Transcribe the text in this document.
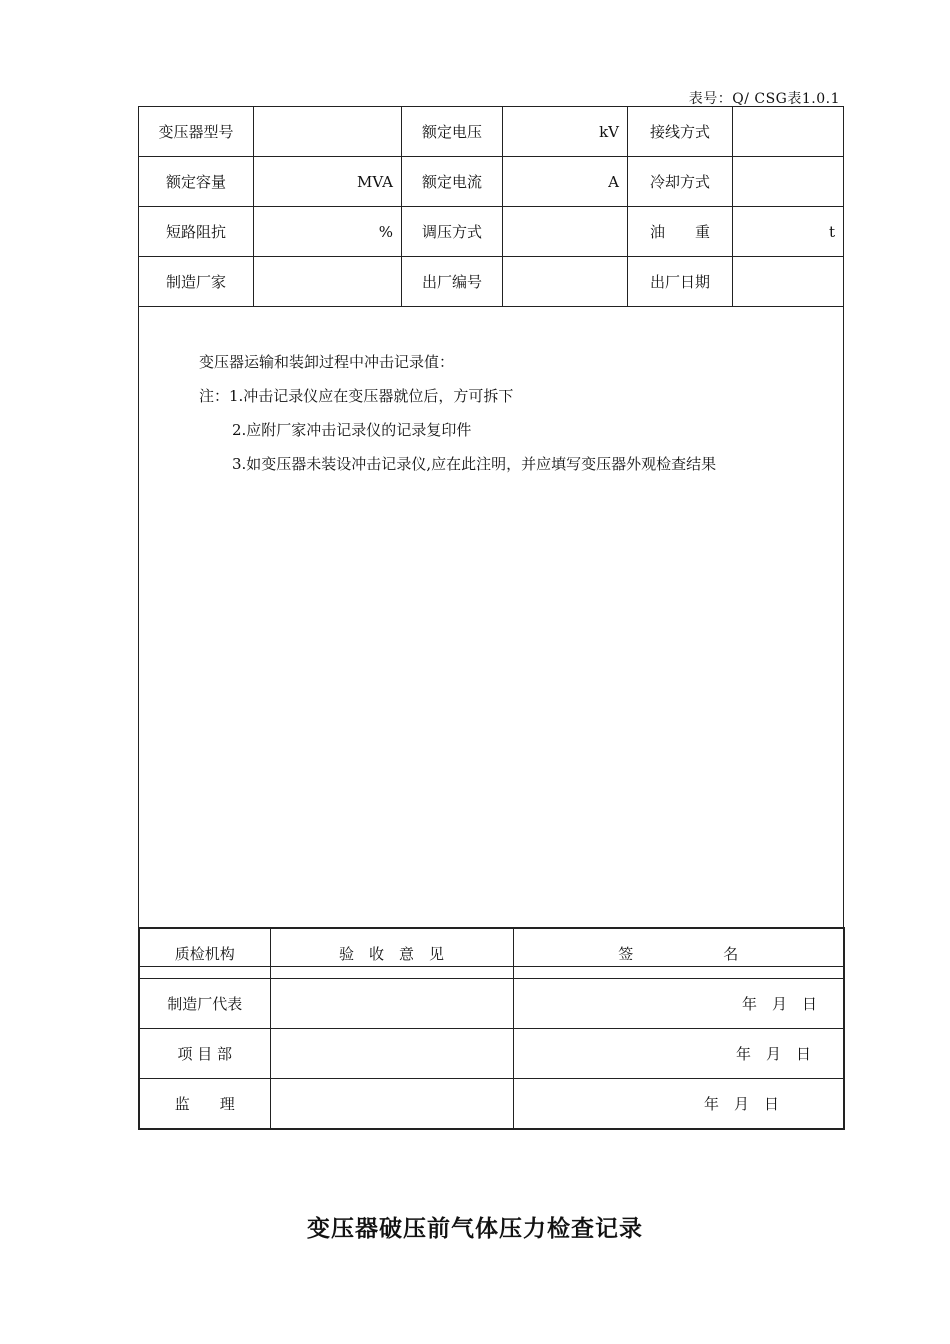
表号：Q/ CSG表1.0.1
变压器型号		额定电压	kV	接线方式	
额定容量	MVA	额定电流	A	冷却方式	
短路阻抗	%	调压方式		油　　重	t
制造厂家		出厂编号		出厂日期	

变压器运输和装卸过程中冲击记录值：
注：1.冲击记录仪应在变压器就位后，方可拆下
2.应附厂家冲击记录仪的记录复印件
3.如变压器未装设冲击记录仪,应在此注明，并应填写变压器外观检查结果					
质检机构	验　收　意　见	签　　　　　　名
制造厂代表		年　月　日
项 目 部		年　月　日
监　　理		年　月　日
变压器破压前气体压力检查记录
